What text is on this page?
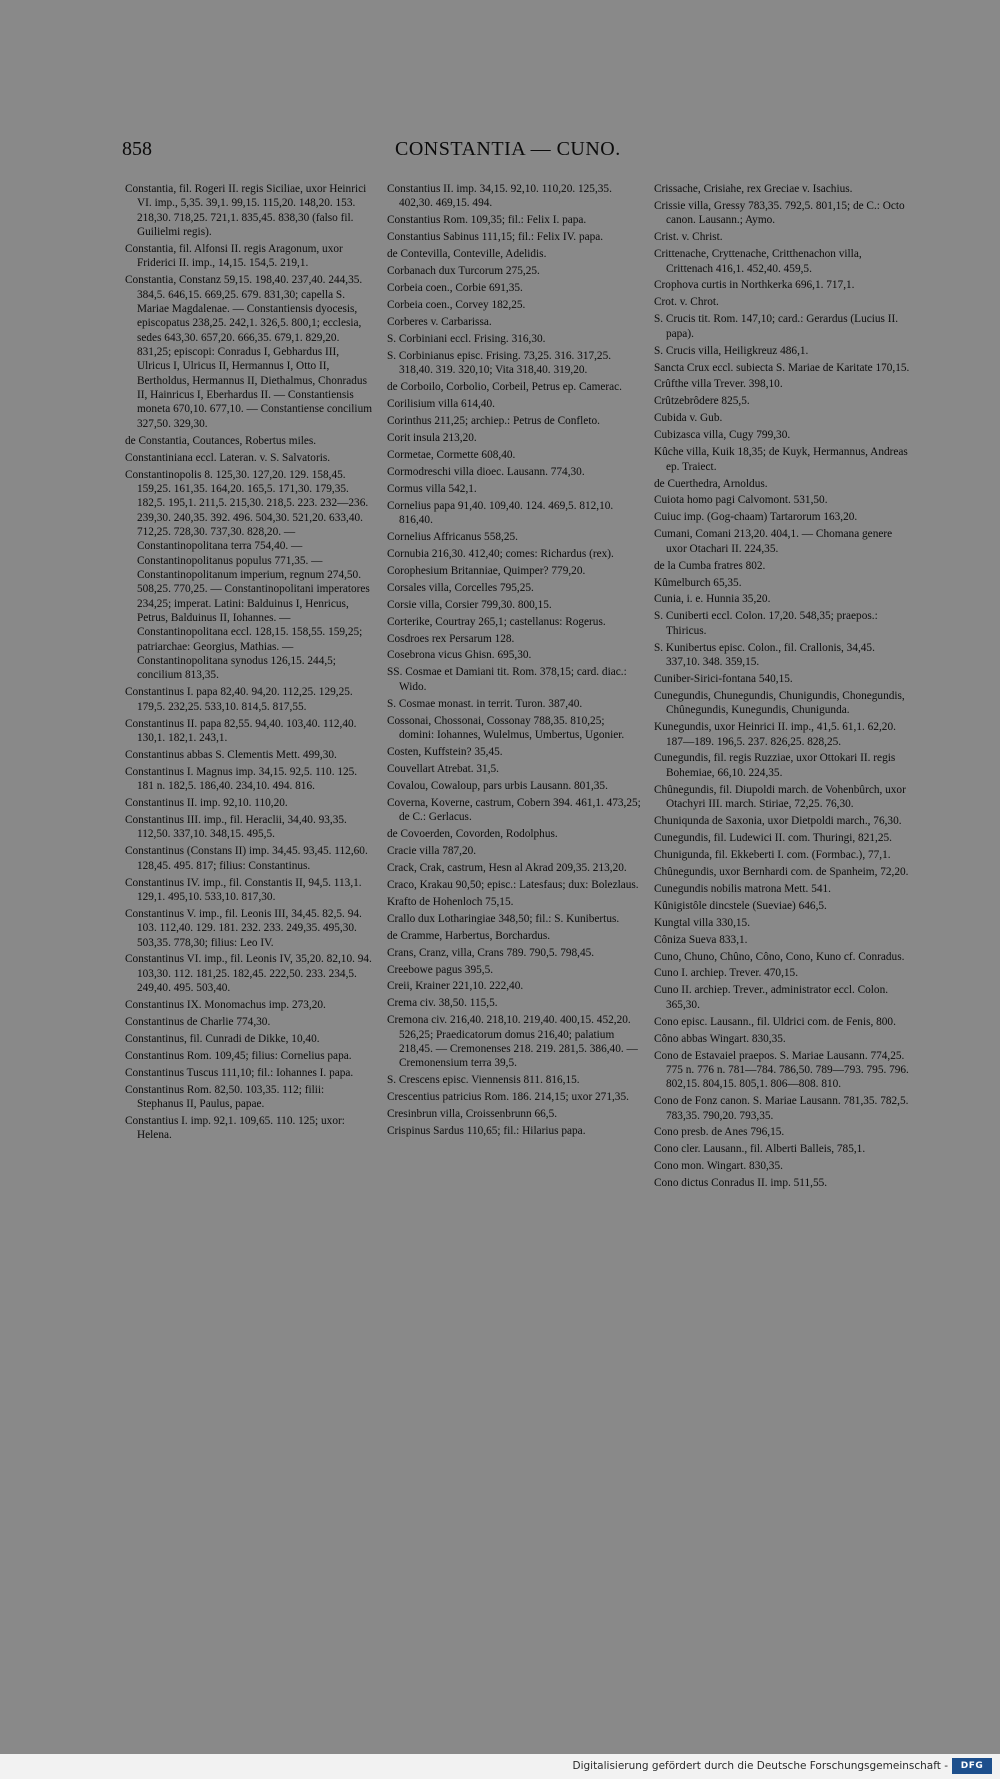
858	CONSTANTIA — CUNO.
Constantia, fil. Rogeri II. regis Siciliae, uxor Heinrici VI. imp., 5,35. 39,1. 99,15. 115,20. 148,20. 153. 218,30. 718,25. 721,1. 835,45. 838,30 (falso fil. Guilielmi regis).
Constantia, fil. Alfonsi II. regis Aragonum, uxor Friderici II. imp., 14,15. 154,5. 219,1.
Constantia, Constanz 59,15. 198,40. 237,40. 244,35. 384,5. 646,15. 669,25. 679. 831,30; capella S. Mariae Magdalenae. — Constantiensis dyocesis, episcopatus 238,25. 242,1. 326,5. 800,1; ecclesia, sedes 643,30. 657,20. 666,35. 679,1. 829,20. 831,25; episcopi: Conradus I, Gebhardus III, Ulricus I, Ulricus II, Hermannus I, Otto II, Bertholdus, Hermannus II, Diethalmus, Chonradus II, Hainricus I, Eberhardus II. — Constantiensis moneta 670,10. 677,10. — Constantiense concilium 327,50. 329,30.
de Constantia, Coutances, Robertus miles.
Constantiniana eccl. Lateran. v. S. Salvatoris.
Constantinopolis 8. 125,30. 127,20. 129. 158,45. 159,25. 161,35. 164,20. 165,5. 171,30. 179,35. 182,5. 195,1. 211,5. 215,30. 218,5. 223. 232—236. 239,30. 240,35. 392. 496. 504,30. 521,20. 633,40. 712,25. 728,30. 737,30. 828,20. — Constantinopolitana terra 754,40. — Constantinopolitanus populus 771,35. — Constantinopolitanum imperium, regnum 274,50. 508,25. 770,25. — Constantinopolitani imperatores 234,25; imperat. Latini: Balduinus I, Henricus, Petrus, Balduinus II, Iohannes. — Constantinopolitana eccl. 128,15. 158,55. 159,25; patriarchae: Georgius, Mathias. — Constantinopolitana synodus 126,15. 244,5; concilium 813,35.
Constantinus I. papa 82,40. 94,20. 112,25. 129,25. 179,5. 232,25. 533,10. 814,5. 817,55.
Constantinus II. papa 82,55. 94,40. 103,40. 112,40. 130,1. 182,1. 243,1.
Constantinus abbas S. Clementis Mett. 499,30.
Constantinus I. Magnus imp. 34,15. 92,5. 110. 125. 181 n. 182,5. 186,40. 234,10. 494. 816.
Constantinus II. imp. 92,10. 110,20.
Constantinus III. imp., fil. Heraclii, 34,40. 93,35. 112,50. 337,10. 348,15. 495,5.
Constantinus (Constans II) imp. 34,45. 93,45. 112,60. 128,45. 495. 817; filius: Constantinus.
Constantinus IV. imp., fil. Constantis II, 94,5. 113,1. 129,1. 495,10. 533,10. 817,30.
Constantinus V. imp., fil. Leonis III, 34,45. 82,5. 94. 103. 112,40. 129. 181. 232. 233. 249,35. 495,30. 503,35. 778,30; filius: Leo IV.
Constantinus VI. imp., fil. Leonis IV, 35,20. 82,10. 94. 103,30. 112. 181,25. 182,45. 222,50. 233. 234,5. 249,40. 495. 503,40.
Constantinus IX. Monomachus imp. 273,20.
Constantinus de Charlie 774,30.
Constantinus, fil. Cunradi de Dikke, 10,40.
Constantinus Rom. 109,45; filius: Cornelius papa.
Constantinus Tuscus 111,10; fil.: Iohannes I. papa.
Constantinus Rom. 82,50. 103,35. 112; filii: Stephanus II, Paulus, papae.
Constantius I. imp. 92,1. 109,65. 110. 125; uxor: Helena.
Constantius II. imp. 34,15. 92,10. 110,20. 125,35. 402,30. 469,15. 494.
Constantius Rom. 109,35; fil.: Felix I. papa.
Constantius Sabinus 111,15; fil.: Felix IV. papa.
de Contevilla, Conteville, Adelidis.
Corbanach dux Turcorum 275,25.
Corbeia coen., Corbie 691,35.
Corbeia coen., Corvey 182,25.
Corberes v. Carbarissa.
S. Corbiniani eccl. Frising. 316,30.
S. Corbinianus episc. Frising. 73,25. 316. 317,25. 318,40. 319. 320,10; Vita 318,40. 319,20.
de Corboilo, Corbolio, Corbeil, Petrus ep. Camerac.
Corilisium villa 614,40.
Corinthus 211,25; archiep.: Petrus de Confleto.
Corit insula 213,20.
Cormetae, Cormette 608,40.
Cormodreschi villa dioec. Lausann. 774,30.
Cormus villa 542,1.
Cornelius papa 91,40. 109,40. 124. 469,5. 812,10. 816,40.
Cornelius Affricanus 558,25.
Cornubia 216,30. 412,40; comes: Richardus (rex).
Corophesium Britanniae, Quimper? 779,20.
Corsales villa, Corcelles 795,25.
Corsie villa, Corsier 799,30. 800,15.
Corterike, Courtray 265,1; castellanus: Rogerus.
Cosdroes rex Persarum 128.
Cosebrona vicus Ghisn. 695,30.
SS. Cosmae et Damiani tit. Rom. 378,15; card. diac.: Wido.
S. Cosmae monast. in territ. Turon. 387,40.
Cossonai, Chossonai, Cossonay 788,35. 810,25; domini: Iohannes, Wulelmus, Umbertus, Ugonier.
Costen, Kuffstein? 35,45.
Couvellart Atrebat. 31,5.
Covalou, Cowaloup, pars urbis Lausann. 801,35.
Coverna, Koverne, castrum, Cobern 394. 461,1. 473,25; de C.: Gerlacus.
de Covoerden, Covorden, Rodolphus.
Cracie villa 787,20.
Crack, Crak, castrum, Hesn al Akrad 209,35. 213,20.
Craco, Krakau 90,50; episc.: Latesfaus; dux: Bolezlaus.
Krafto de Hohenloch 75,15.
Crallo dux Lotharingiae 348,50; fil.: S. Kunibertus.
de Cramme, Harbertus, Borchardus.
Crans, Cranz, villa, Crans 789. 790,5. 798,45.
Creebowe pagus 395,5.
Creii, Krainer 221,10. 222,40.
Crema civ. 38,50. 115,5.
Cremona civ. 216,40. 218,10. 219,40. 400,15. 452,20. 526,25; Praedicatorum domus 216,40; palatium 218,45. — Cremonenses 218. 219. 281,5. 386,40. — Cremonensium terra 39,5.
S. Crescens episc. Viennensis 811. 816,15.
Crescentius patricius Rom. 186. 214,15; uxor 271,35.
Cresinbrun villa, Croissenbrunn 66,5.
Crispinus Sardus 110,65; fil.: Hilarius papa.
Crissache, Crisiahe, rex Greciae v. Isachius.
Crissie villa, Gressy 783,35. 792,5. 801,15; de C.: Octo canon. Lausann.; Aymo.
Crist. v. Christ.
Crittenache, Cryttenache, Critthenachon villa, Crittenach 416,1. 452,40. 459,5.
Crophova curtis in Northkerka 696,1. 717,1.
Crot. v. Chrot.
S. Crucis tit. Rom. 147,10; card.: Gerardus (Lucius II. papa).
S. Crucis villa, Heiligkreuz 486,1.
Sancta Crux eccl. subiecta S. Mariae de Karitate 170,15.
Crûfthe villa Trever. 398,10.
Crûtzebrôdere 825,5.
Cubida v. Gub.
Cubizasca villa, Cugy 799,30.
Kûche villa, Kuik 18,35; de Kuyk, Hermannus, Andreas ep. Traiect.
de Cuerthedra, Arnoldus.
Cuiota homo pagi Calvomont. 531,50.
Cuiuc imp. (Gog-chaam) Tartarorum 163,20.
Cumani, Comani 213,20. 404,1. — Chomana genere uxor Otachari II. 224,35.
de la Cumba fratres 802.
Kûmelburch 65,35.
Cunia, i. e. Hunnia 35,20.
S. Cuniberti eccl. Colon. 17,20. 548,35; praepos.: Thiricus.
S. Kunibertus episc. Colon., fil. Crallonis, 34,45. 337,10. 348. 359,15.
Cuniber-Sirici-fontana 540,15.
Cunegundis, Chunegundis, Chunigundis, Chonegundis, Chûnegundis, Kunegundis, Chunigunda.
Kunegundis, uxor Heinrici II. imp., 41,5. 61,1. 62,20. 187—189. 196,5. 237. 826,25. 828,25.
Cunegundis, fil. regis Ruzziae, uxor Ottokari II. regis Bohemiae, 66,10. 224,35.
Chûnegundis, fil. Diupoldi march. de Vohenbûrch, uxor Otachyri III. march. Stiriae, 72,25. 76,30.
Chuniqunda de Saxonia, uxor Dietpoldi march., 76,30.
Cunegundis, fil. Ludewici II. com. Thuringi, 821,25.
Chunigunda, fil. Ekkeberti I. com. (Formbac.), 77,1.
Chûnegundis, uxor Bernhardi com. de Spanheim, 72,20.
Cunegundis nobilis matrona Mett. 541.
Kûnigistôle dincstele (Sueviae) 646,5.
Kungtal villa 330,15.
Côniza Sueva 833,1.
Cuno, Chuno, Chûno, Côno, Cono, Kuno cf. Conradus.
Cuno I. archiep. Trever. 470,15.
Cuno II. archiep. Trever., administrator eccl. Colon. 365,30.
Cono episc. Lausann., fil. Uldrici com. de Fenis, 800.
Côno abbas Wingart. 830,35.
Cono de Estavaiel praepos. S. Mariae Lausann. 774,25. 775 n. 776 n. 781—784. 786,50. 789—793. 795. 796. 802,15. 804,15. 805,1. 806—808. 810.
Cono de Fonz canon. S. Mariae Lausann. 781,35. 782,5. 783,35. 790,20. 793,35.
Cono presb. de Anes 796,15.
Cono cler. Lausann., fil. Alberti Balleis, 785,1.
Cono mon. Wingart. 830,35.
Cono dictus Conradus II. imp. 511,55.
Digitalisierung gefördert durch die Deutsche Forschungsgemeinschaft -	DFG
